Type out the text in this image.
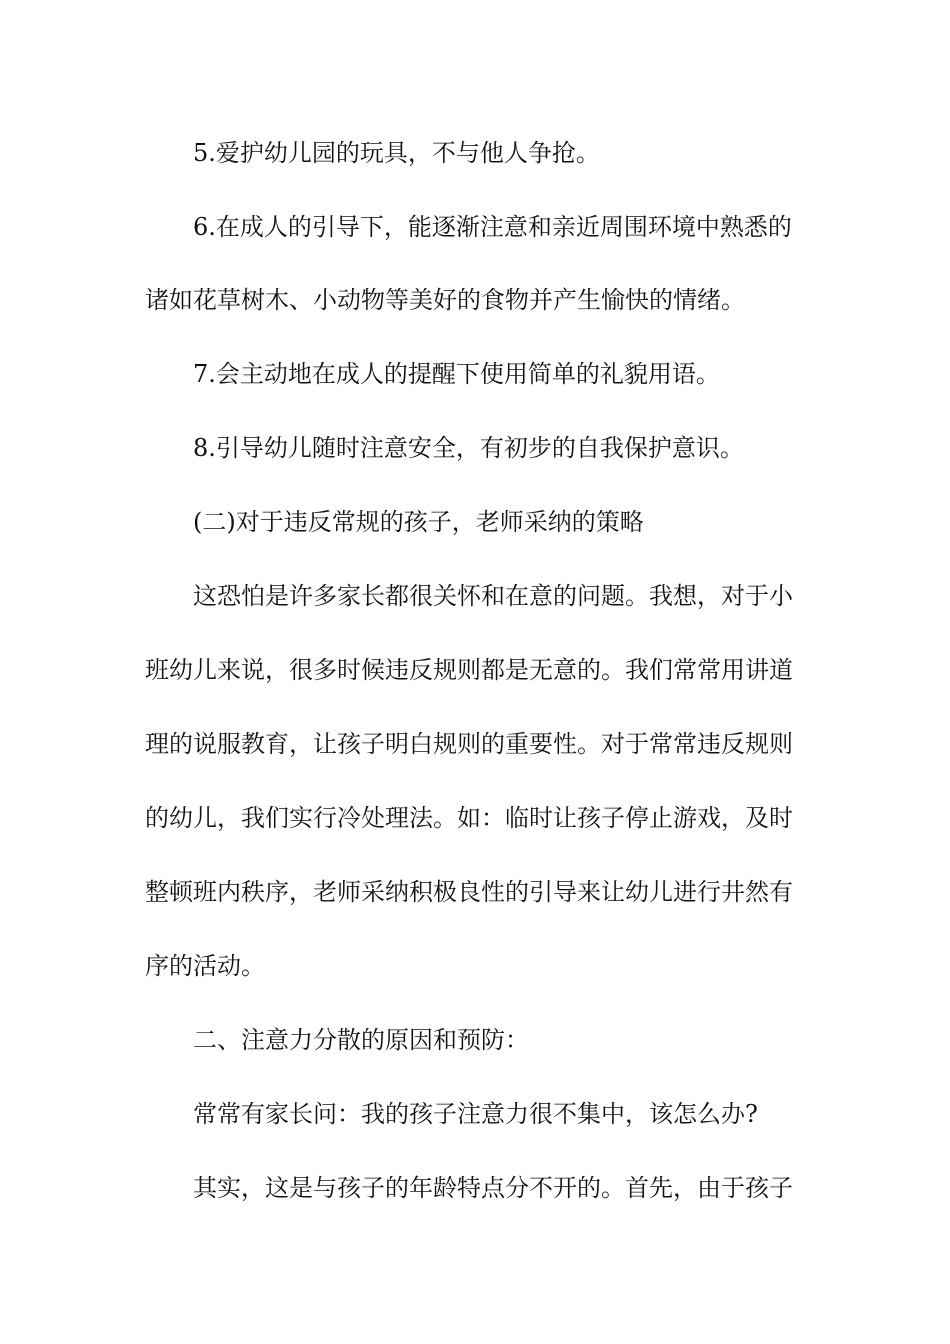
5.爱护幼儿园的玩具，不与他人争抢。
6.在成人的引导下，能逐渐注意和亲近周围环境中熟悉的
诸如花草树木、小动物等美好的食物并产生愉快的情绪。
7.会主动地在成人的提醒下使用简单的礼貌用语。
8.引导幼儿随时注意安全，有初步的自我保护意识。
(二)对于违反常规的孩子，老师采纳的策略
这恐怕是许多家长都很关怀和在意的问题。我想，对于小
班幼儿来说，很多时候违反规则都是无意的。我们常常用讲道
理的说服教育，让孩子明白规则的重要性。对于常常违反规则
的幼儿，我们实行冷处理法。如：临时让孩子停止游戏，及时
整顿班内秩序，老师采纳积极良性的引导来让幼儿进行井然有
序的活动。
二、注意力分散的原因和预防：
常常有家长问：我的孩子注意力很不集中，该怎么办?
其实，这是与孩子的年龄特点分不开的。首先，由于孩子
